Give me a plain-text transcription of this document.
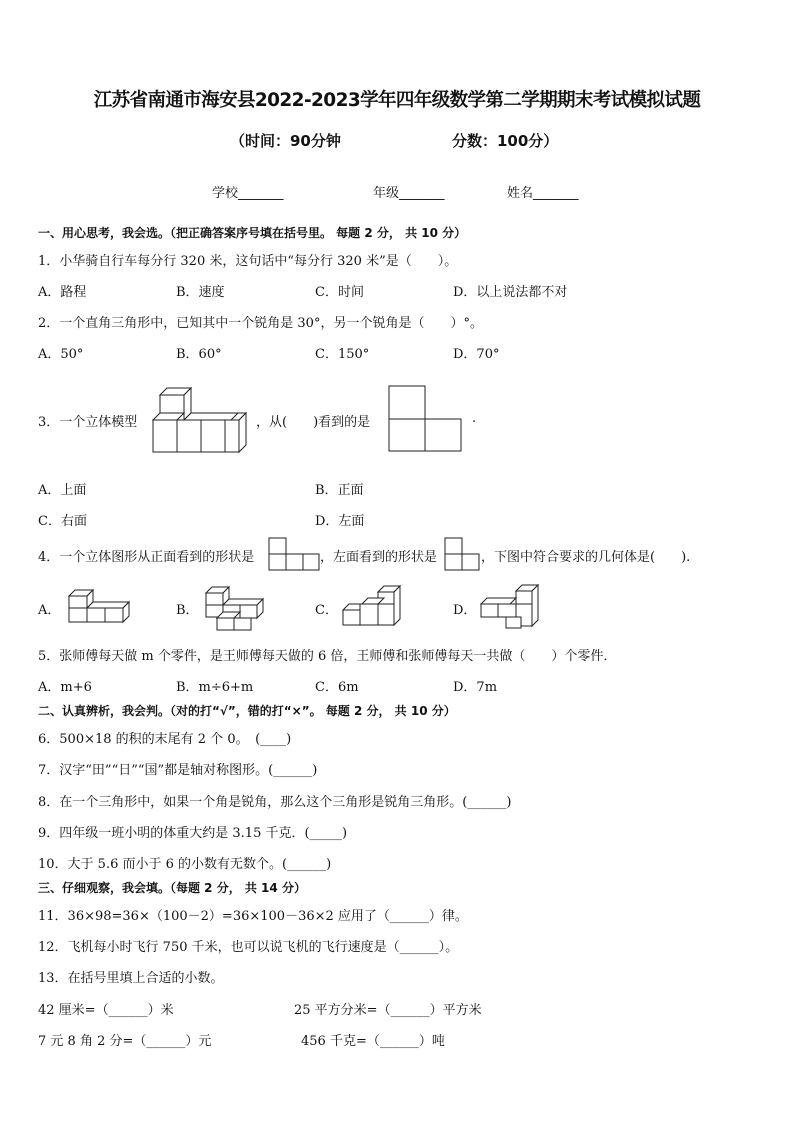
江苏省南通市海安县2022-2023学年四年级数学第二学期期末考试模拟试题
（时间：90分钟	分数：100分）
学校_______	年级_______	姓名_______
一、用心思考，我会选。（把正确答案序号填在括号里。 每题 2 分， 共 10 分）
1．小华骑自行车每分行 320 米，这句话中“每分行 320 米”是（　　）。
A．路程	B．速度	C．时间	D．以上说法都不对
2．一个直角三角形中，已知其中一个锐角是 30°，另一个锐角是（　　）°。
A．50°	B．60°	C．150°	D．70°
3．一个立体模型	，从(　　)看到的是	.
A．上面	B．正面
C．右面	D．左面
4．一个立体图形从正面看到的形状是	，左面看到的形状是	，下图中符合要求的几何体是(　　).
A．	B．	C．	D．
5．张师傅每天做 m 个零件，是王师傅每天做的 6 倍，王师傅和张师傅每天一共做（　　）个零件．
A．m+6	B．m÷6+m	C．6m	D．7m
二、认真辨析，我会判。（对的打“√”，错的打“×”。 每题 2 分， 共 10 分）
6．500×18 的积的末尾有 2 个 0。　(____)
7．汉字“田”“日”“国”都是轴对称图形。(______)
8．在一个三角形中，如果一个角是锐角，那么这个三角形是锐角三角形。(______)
9．四年级一班小明的体重大约是 3.15 千克．(_____)
10．大于 5.6 而小于 6 的小数有无数个。(______)
三、仔细观察，我会填。（每题 2 分， 共 14 分）
11．36×98=36×（100－2）=36×100－36×2 应用了（______）律。
12．飞机每小时飞行 750 千米，也可以说飞机的飞行速度是（______）。
13．在括号里填上合适的小数。
42 厘米=（______）米	25 平方分米=（______）平方米
7 元 8 角 2 分=（______）元	456 千克=（______）吨
